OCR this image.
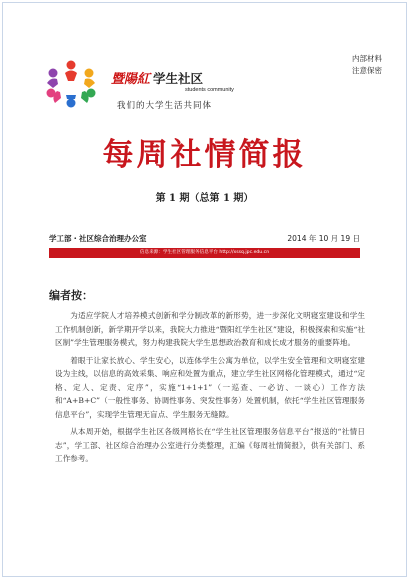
暨陽紅 学生社区
students community
我们的大学生活共同体
内部材料
注意保密
每周社情简报
第 1 期（总第 1 期）
学工部・社区综合治理办公室	2014 年 10 月 19 日
信息来源：学生社区管理服务信息平台 http://xssq.jpc.edu.cn
编者按：

为适应学院人才培养模式创新和学分制改革的新形势，进一步深化文明寝室建设和学生工作机制创新，新学期开学以来，我院大力推进“暨阳红学生社区”建设，积极探索和实施“社区制”学生管理服务模式，努力构建我院大学生思想政治教育和成长成才服务的重要阵地。

着眼于让家长放心、学生安心，以连体学生公寓为单位，以学生安全管理和文明寝室建设为主线，以信息的高效采集、响应和处置为重点，建立学生社区网格化管理模式，通过“定格、定人、定责、定序”，实施“1+1+1”（一巡查、一必访、一谈心）工作方法和“A+B+C”（一般性事务、协调性事务、突发性事务）处置机制，依托“学生社区管理服务信息平台”，实现学生管理无盲点、学生服务无缝隙。

从本周开始，根据学生社区各级网格长在“学生社区管理服务信息平台”报送的“社情日志”，学工部、社区综合治理办公室进行分类整理，汇编《每周社情简报》，供有关部门、系工作参考。
